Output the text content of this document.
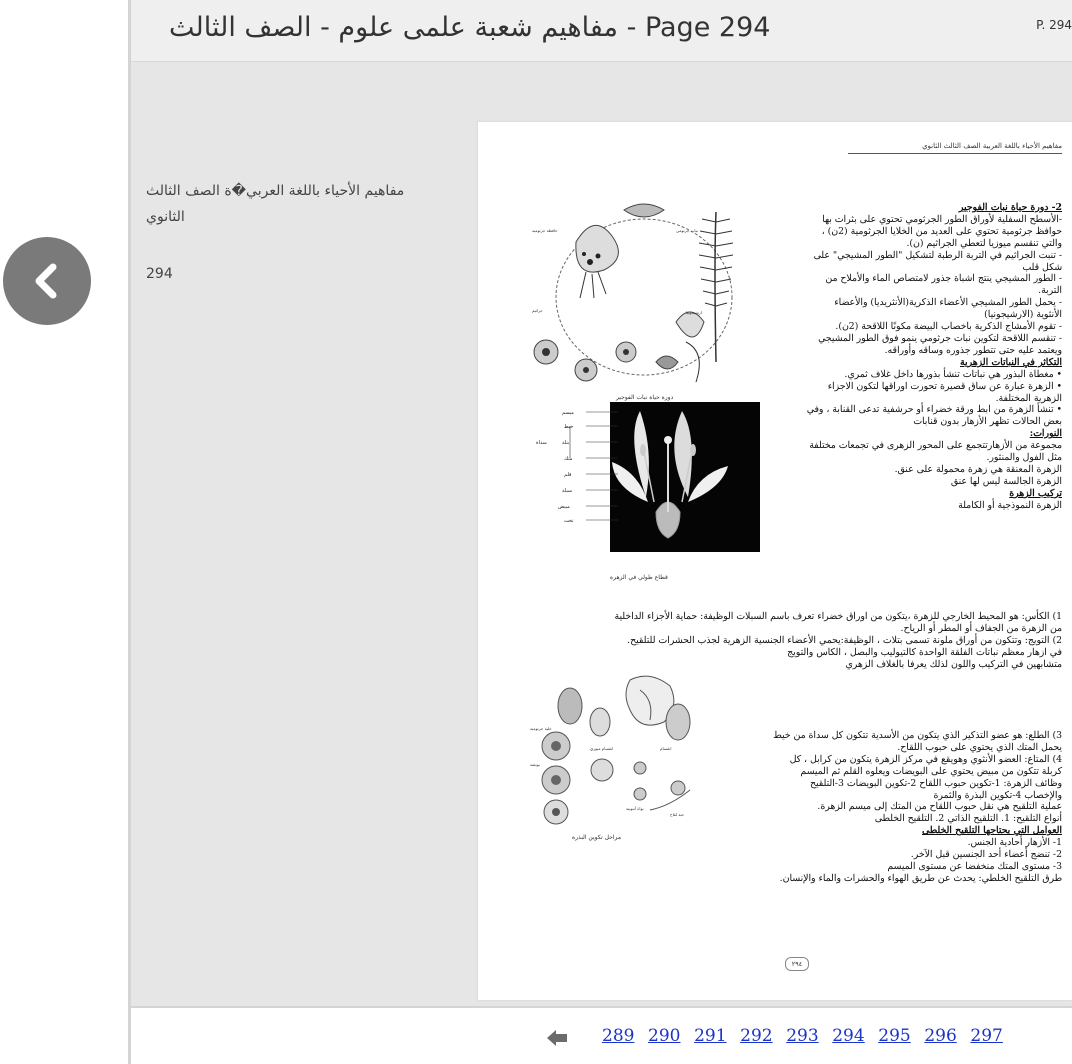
مفاهيم شعبة علمى علوم - الصف الثالث - Page 294	P. 294
مفاهيم الأحياء باللغة العربي�ة الصف الثالث الثانوي
294
مفاهيم الأحياء باللغة العربية الصف الثالث الثانوي
حافظة جرثومية	نبات جرثومي
جراثيم	ارشيجونيا
دورة حياة نبات الفوجير
ميسم
خيط
بتلة
متك
قلم
سبلة
مبيض
تخت
سداة
قطاع طولي في الزهرة
خلية جرثومية
بويضة
انقسام ميوزي	انقسام
نواة أنبوبية
حبة لقاح
مراحل تكوين البذرة

2- دورة حياة نبات الفوجير

-الأسطح السفلية لأوراق الطور الجرثومي تحتوي على بثرات بها

حوافظ جرثومية تحتوي على العديد من الخلايا الجرثومية (2ن) ،

والتي تنقسم ميوزيا لتعطي الجراثيم (ن).

- تنبت الجراثيم في التربة الرطبة لتشكيل "الطور المشيجي" على

شكل قلب

- الطور المشيجي ينتج اشباة جذور لامتصاص الماء والأملاح من

التربة.

- يحمل الطور المشيجي الأعضاء الذكرية(الأنثريديا) والأعضاء

الأنثوية (الارشيجونيا)

- تقوم الأمشاج الذكرية باخصاب البيضة مكونًا اللاقحة (2ن).

- تنقسم اللاقحة لتكوين نبات جرثومي ينمو فوق الطور المشيجي

ويعتمد عليه حتى تتطور جذوره وساقه وأوراقه.

التكاثر في النباتات الزهرية

• مغطاة البذور هي نباتات تنشأ بذورها داخل غلاف ثمري.

• الزهرة عبارة عن ساق قصيرة تحورت اوراقها لتكون الاجزاء

الزهرية المختلفة.

• تنشأ الزهرة من ابط ورقة خضراء أو حرشفية تدعى القنابة ، وفي

بعض الحالات تظهر الأزهار بدون قنابات

النورات:

مجموعة من الأزهارتتجمع على المحور الزهرى في تجمعات مختلفة

مثل الفول والمنثور.

الزهرة المعنقة هي زهرة محمولة على عنق.

الزهرة الجالسة ليس لها عنق

تركيب الزهرة

الزهرة النموذجية أو الكاملة

1) الكأس: هو المحيط الخارجي للزهرة ،يتكون من اوراق خضراء تعرف باسم السبلات الوظيفة: حماية الأجزاء الداخلية

من الزهرة من الجفاف أو المطر أو الرياح.

2) التويج: وتتكون من أوراق ملونة تسمى بتلات ، الوظيفة:يحمي الأعضاء الجنسية الزهرية لجذب الحشرات للتلقيح.

في ازهار معظم نباتات الفلقة الواحدة كالتيوليب والبصل ، الكاس والتويج

متشابهين في التركيب واللون لذلك يعرفا بالغلاف الزهري

3) الطلع: هو عضو التذكير الذي يتكون من الأسدية تتكون كل سداة من خيط

يحمل المتك الذي يحتوي على حبوب اللقاح.

4) المتاع: العضو الأنثوي وهويقع في مركز الزهرة يتكون من كرابل ، كل

كربلة تتكون من مبيض يحتوي على البويضات ويعلوه القلم ثم الميسم

وظائف الزهرة: 1-تكوين حبوب اللقاح 2-تكوين البويضات 3-التلقيح

والإخصاب 4-تكوين البذرة والثمرة

عملية التلقيح هي نقل حبوب اللقاح من المتك إلى ميسم الزهرة.

أنواع التلقيح: 1. التلقيح الذاتي 2. التلقيح الخلطى

العوامل التي يحتاجها التلقيح الخلطى

1- الأزهار أحادية الجنس.

2- تنضج أعضاء أحد الجنسين قبل الآخر.

3- مستوى المتك منخفضا عن مستوى الميسم

طرق التلقيح الخلطي: يحدث عن طريق الهواء والحشرات والماء والإنسان.

٢٩٤
289 290 291 292 293 294 295 296 297
